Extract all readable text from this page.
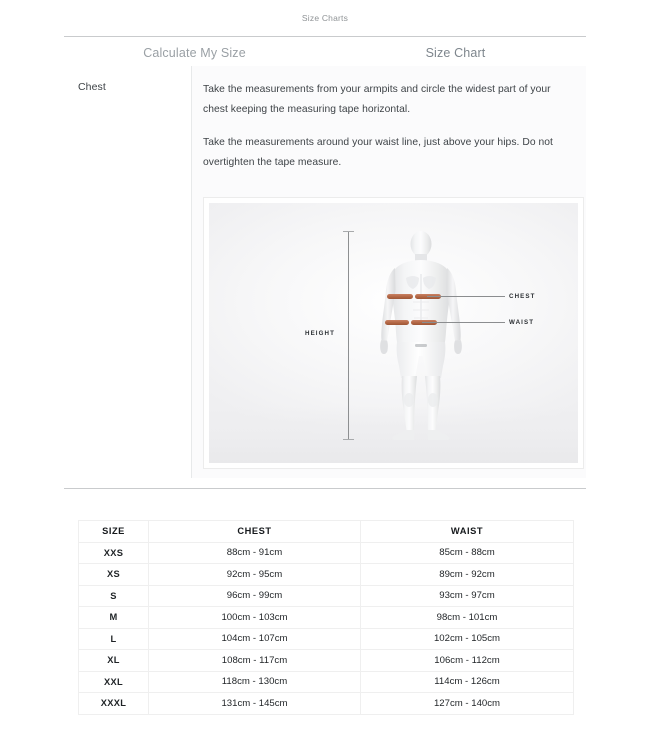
Size Charts
Calculate My Size	Size Chart
Chest	Take the measurements from your armpits and circle the widest part of your chest keeping the measuring tape horizontal.

Take the measurements around your waist line, just above your hips. Do not overtighten the tape measure.

HEIGHT
CHEST
WAIST
SIZE	CHEST	WAIST
XXS	88cm - 91cm	85cm - 88cm
XS	92cm - 95cm	89cm - 92cm
S	96cm - 99cm	93cm - 97cm
M	100cm - 103cm	98cm - 101cm
L	104cm - 107cm	102cm - 105cm
XL	108cm - 117cm	106cm - 112cm
XXL	118cm - 130cm	114cm - 126cm
XXXL	131cm - 145cm	127cm - 140cm
